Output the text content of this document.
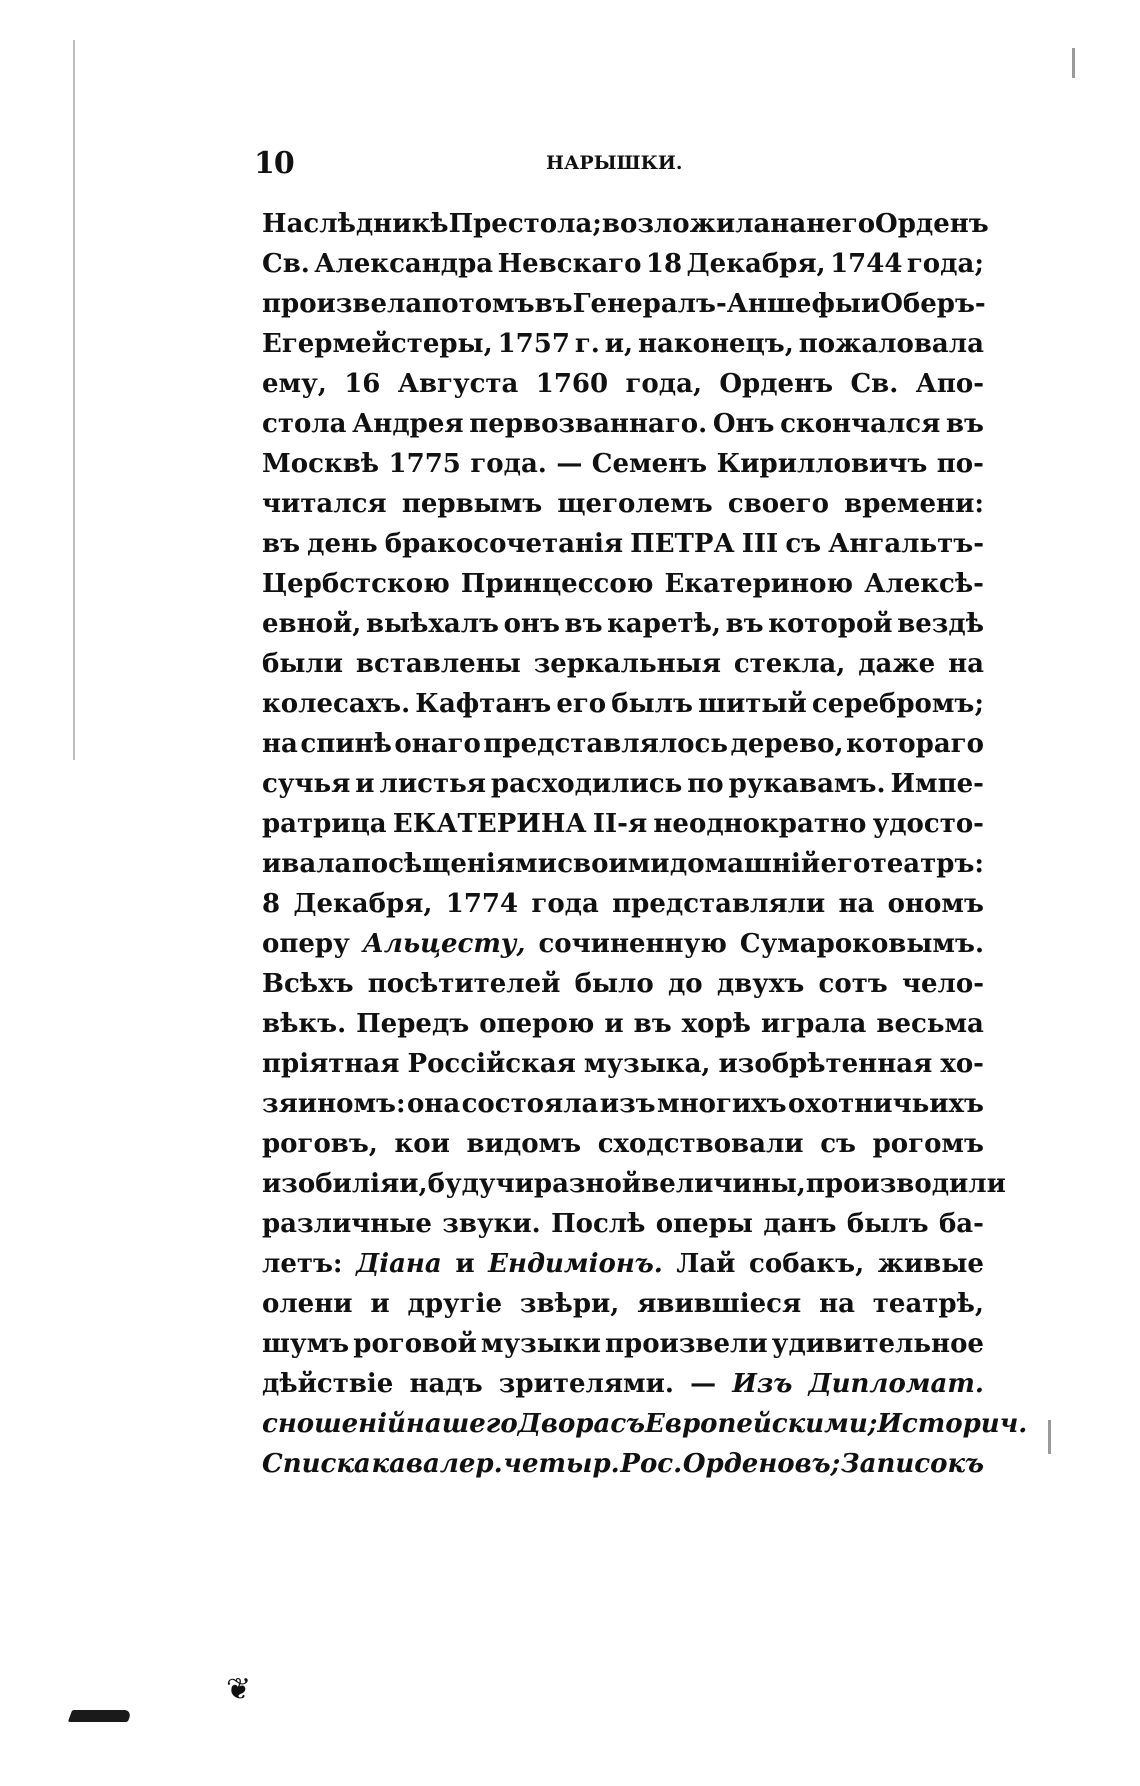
10	НАРЫШКИ.
Наслѣдникѣ Престола; возложила на него Орденъ
Св. Александра Невскаго 18 Декабря, 1744 года;
произвела потомъ въ Генералъ-Аншефы и Оберъ-
Егермейстеры, 1757 г. и, наконецъ, пожаловала
ему, 16 Августа 1760 года, Орденъ Св. Апо-
стола Андрея первозваннаго. Онъ скончался въ
Москвѣ 1775 года. — Семенъ Кирилловичъ по-
читался первымъ щеголемъ своего времени:
въ день бракосочетанія ПЕТРА III съ Ангальтъ-
Цербстскою Принцессою Екатериною Алексѣ-
евной, выѣхалъ онъ въ каретѣ, въ которой вездѣ
были вставлены зеркальныя стекла, даже на
колесахъ. Кафтанъ его былъ шитый серебромъ;
на спинѣ онаго представлялось дерево, котораго
сучья и листья расходились по рукавамъ. Импе-
ратрица ЕКАТЕРИНА II-я неоднократно удосто-
ивала посѣщеніями своими домашній его театръ:
8 Декабря, 1774 года представляли на ономъ
оперу Альцесту, сочиненную Сумароковымъ.
Всѣхъ посѣтителей было до двухъ сотъ чело-
вѣкъ. Передъ оперою и въ хорѣ играла весьма
пріятная Россійская музыка, изобрѣтенная хо-
зяиномъ: она состояла изъ многихъ охотничьихъ
роговъ, кои видомъ сходствовали съ рогомъ
изобилія и, будучи разной величины, производили
различные звуки. Послѣ оперы данъ былъ ба-
летъ: Діана и Ендиміонъ. Лай собакъ, живые
олени и другіе звѣри, явившіеся на театрѣ,
шумъ роговой музыки произвели удивительное
дѣйствіе надъ зрителями. — Изъ Дипломат.
сношеній нашего Двора съ Европейскими; Историч.
Списка кавалер. четыр. Рос. Орденовъ; Записокъ
❦
